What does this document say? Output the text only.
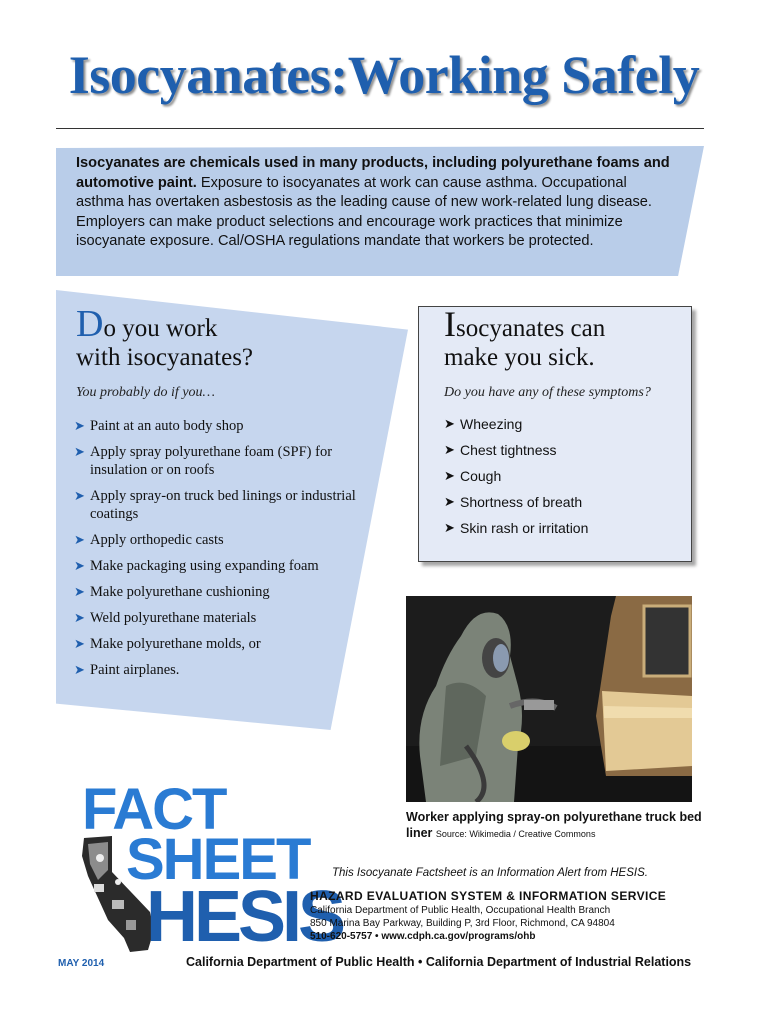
Isocyanates:Working Safely
Isocyanates are chemicals used in many products, including polyurethane foams and automotive paint. Exposure to isocyanates at work can cause asthma. Occupational asthma has overtaken asbestosis as the leading cause of new work-related lung disease. Employers can make product selections and encourage work practices that minimize isocyanate exposure. Cal/OSHA regulations mandate that workers be protected.
Do you work
with isocyanates?
You probably do if you…
➤ Paint at an auto body shop
➤ Apply spray polyurethane foam (SPF) for insulation or on roofs
➤ Apply spray-on truck bed linings or industrial coatings
➤ Apply orthopedic casts
➤ Make packaging using expanding foam
➤ Make polyurethane cushioning
➤ Weld polyurethane materials
➤ Make polyurethane molds, or
➤ Paint airplanes.
Isocyanates can
make you sick.
Do you have any of these symptoms?
➤ Wheezing
➤ Chest tightness
➤ Cough
➤ Shortness of breath
➤ Skin rash or irritation
Worker applying spray-on polyurethane truck bed liner Source: Wikimedia / Creative Commons
FACT
SHEET
HESIS
This Isocyanate Factsheet is an Information Alert from HESIS.
HAZARD EVALUATION SYSTEM & INFORMATION SERVICE
California Department of Public Health, Occupational Health Branch
850 Marina Bay Parkway, Building P, 3rd Floor, Richmond, CA 94804
510-620-5757 • www.cdph.ca.gov/programs/ohb
MAY 2014	California Department of Public Health • California Department of Industrial Relations
